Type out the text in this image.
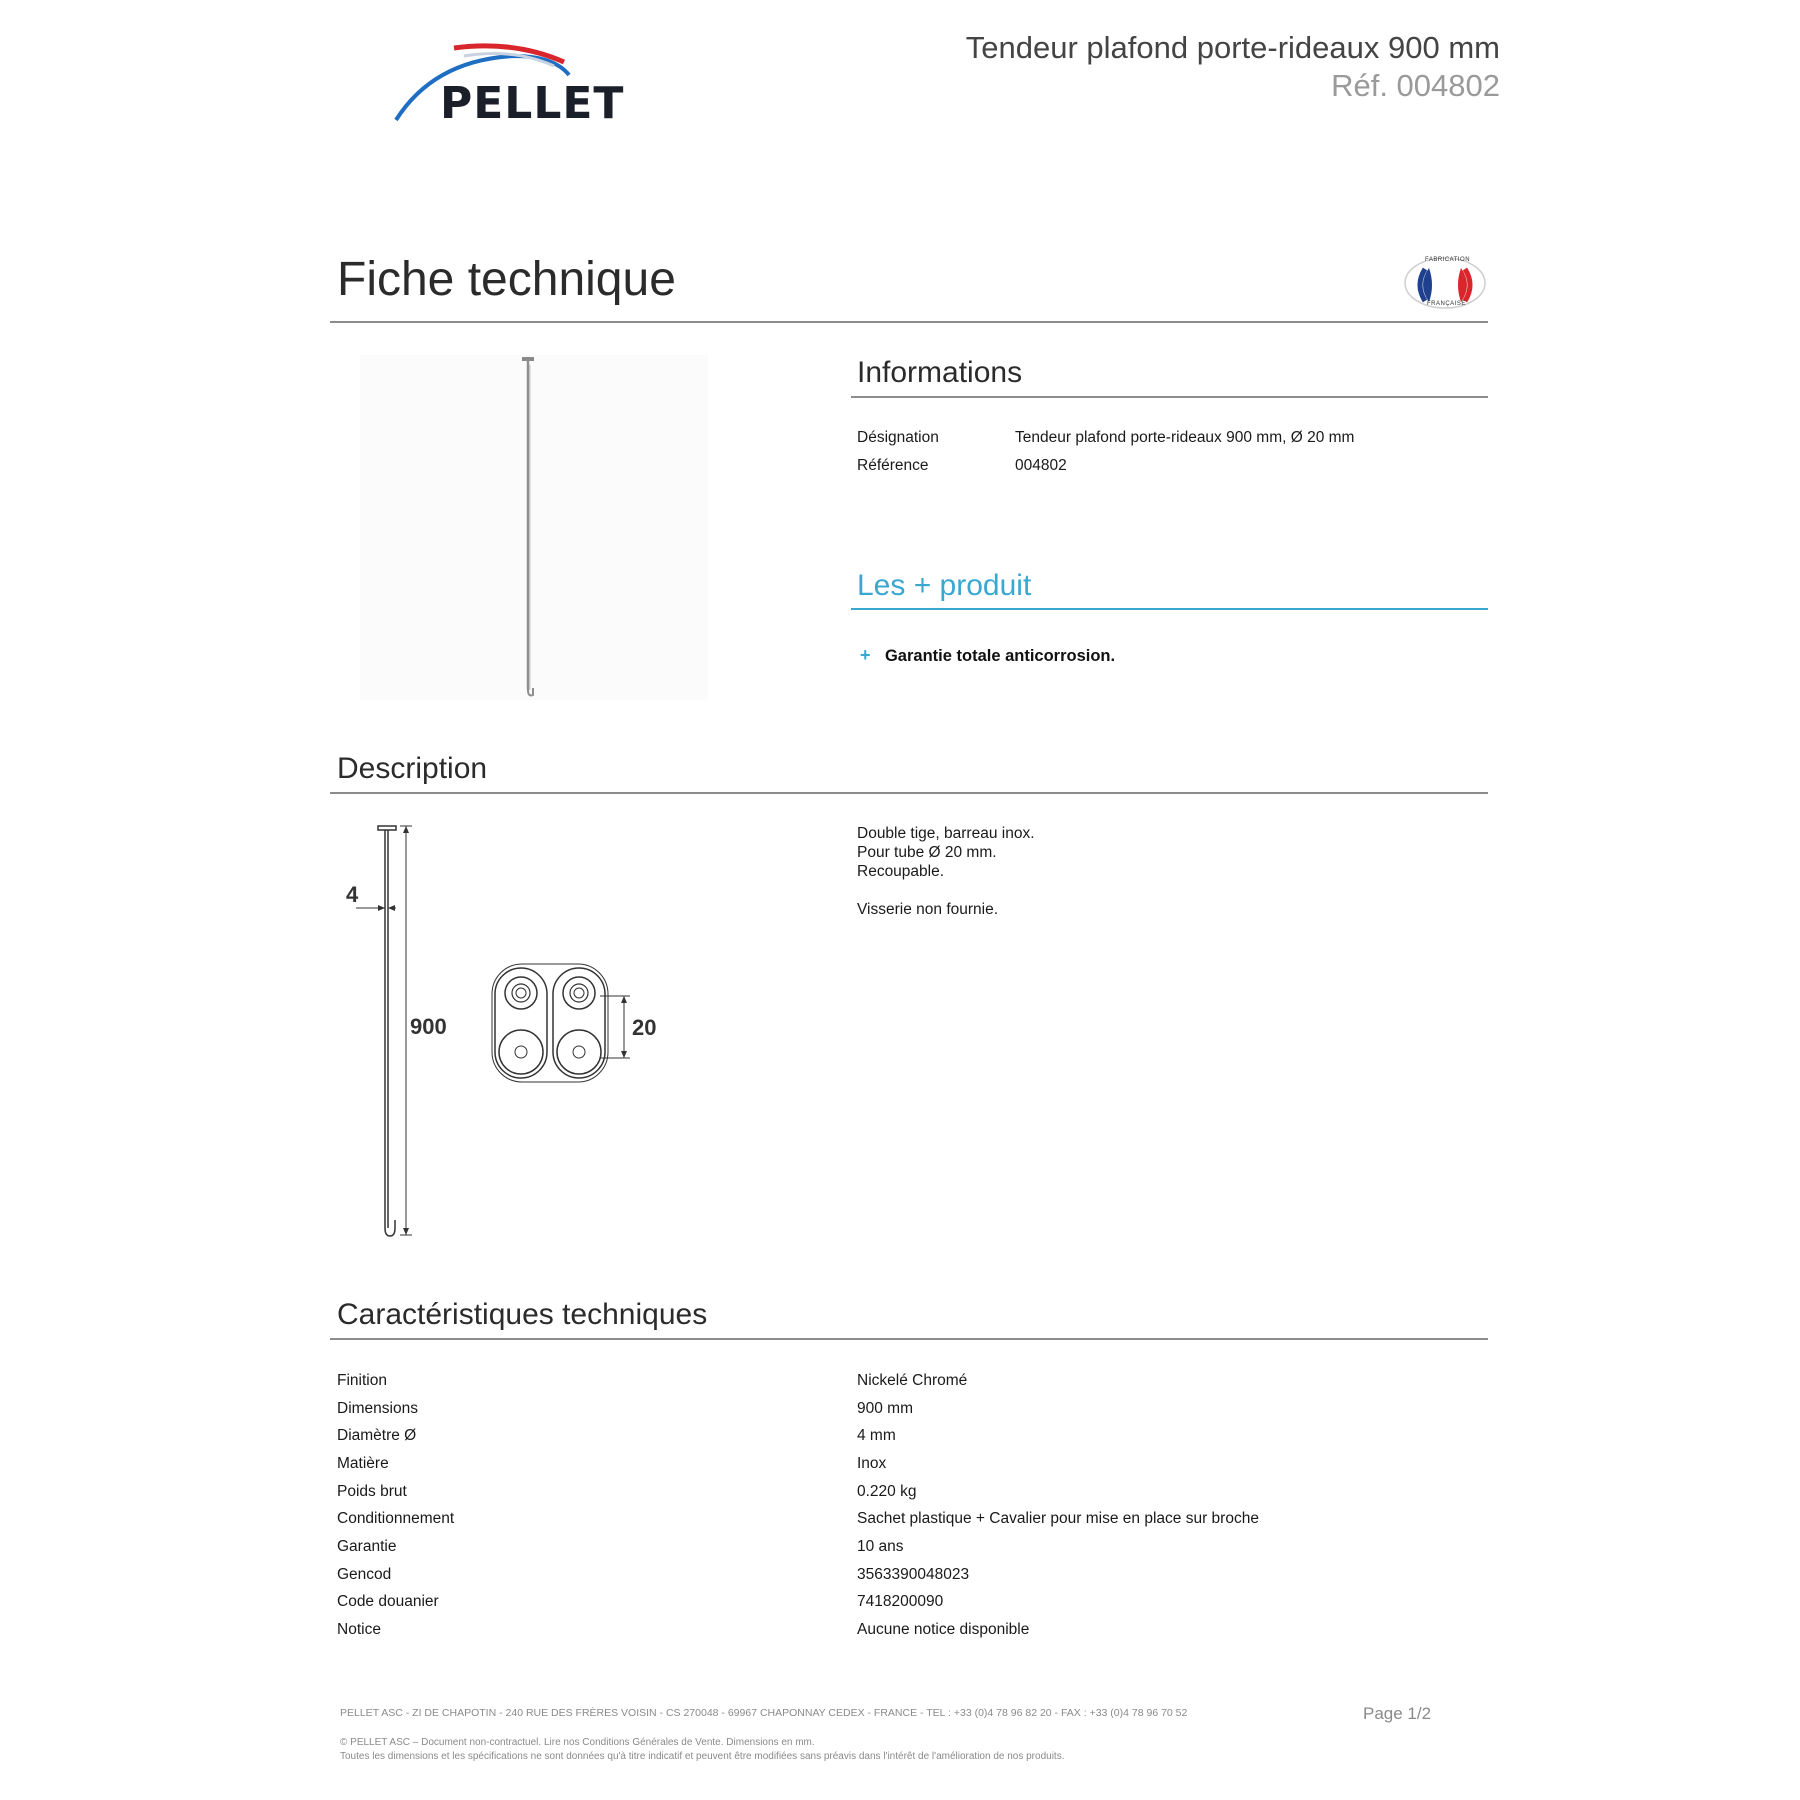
PELLET
Tendeur plafond porte-rideaux 900 mm
Réf. 004802
Fiche technique	FABRICATION
FRANÇAISE
Informations
Désignation	Tendeur plafond porte-rideaux 900 mm, Ø 20 mm
Référence	004802
Les + produit
+ Garantie totale anticorrosion.
Description
4
900	20
Double tige, barreau inox.
Pour tube Ø 20 mm.
Recoupable.

Visserie non fournie.
Caractéristiques techniques
Finition	Nickelé Chromé
Dimensions	900 mm
Diamètre Ø	4 mm
Matière	Inox
Poids brut	0.220 kg
Conditionnement	Sachet plastique + Cavalier pour mise en place sur broche
Garantie	10 ans
Gencod	3563390048023
Code douanier	7418200090
Notice	Aucune notice disponible
PELLET ASC - ZI DE CHAPOTIN - 240 RUE DES FRÈRES VOISIN - CS 270048 - 69967 CHAPONNAY CEDEX - FRANCE - TEL : +33 (0)4 78 96 82 20 - FAX : +33 (0)4 78 96 70 52	Page 1/2
© PELLET ASC – Document non-contractuel. Lire nos Conditions Générales de Vente. Dimensions en mm.
Toutes les dimensions et les spécifications ne sont données qu'à titre indicatif et peuvent être modifiées sans préavis dans l'intérêt de l'amélioration de nos produits.
